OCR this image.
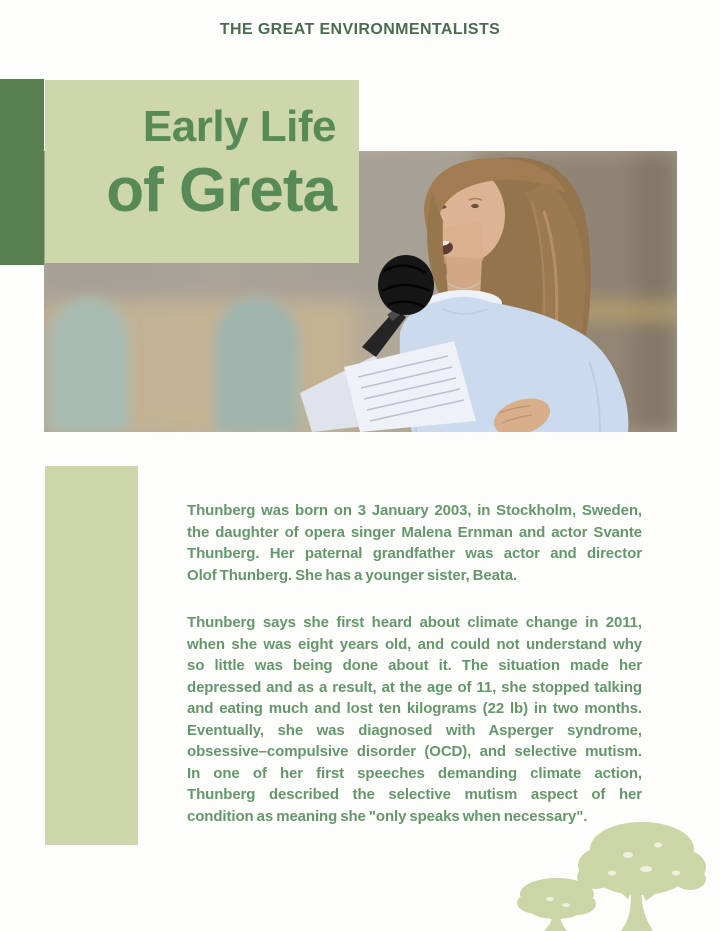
THE GREAT ENVIRONMENTALISTS
Early Life
of Greta
Thunberg was born on 3 January 2003, in Stockholm, Sweden,
the daughter of opera singer Malena Ernman and actor Svante
Thunberg. Her paternal grandfather was actor and director
Olof Thunberg. She has a younger sister, Beata.
Thunberg says she first heard about climate change in 2011,
when she was eight years old, and could not understand why
so little was being done about it. The situation made her
depressed and as a result, at the age of 11, she stopped talking
and eating much and lost ten kilograms (22 lb) in two months.
Eventually, she was diagnosed with Asperger syndrome,
obsessive–compulsive disorder (OCD), and selective mutism.
In one of her first speeches demanding climate action,
Thunberg described the selective mutism aspect of her
condition as meaning she "only speaks when necessary".
